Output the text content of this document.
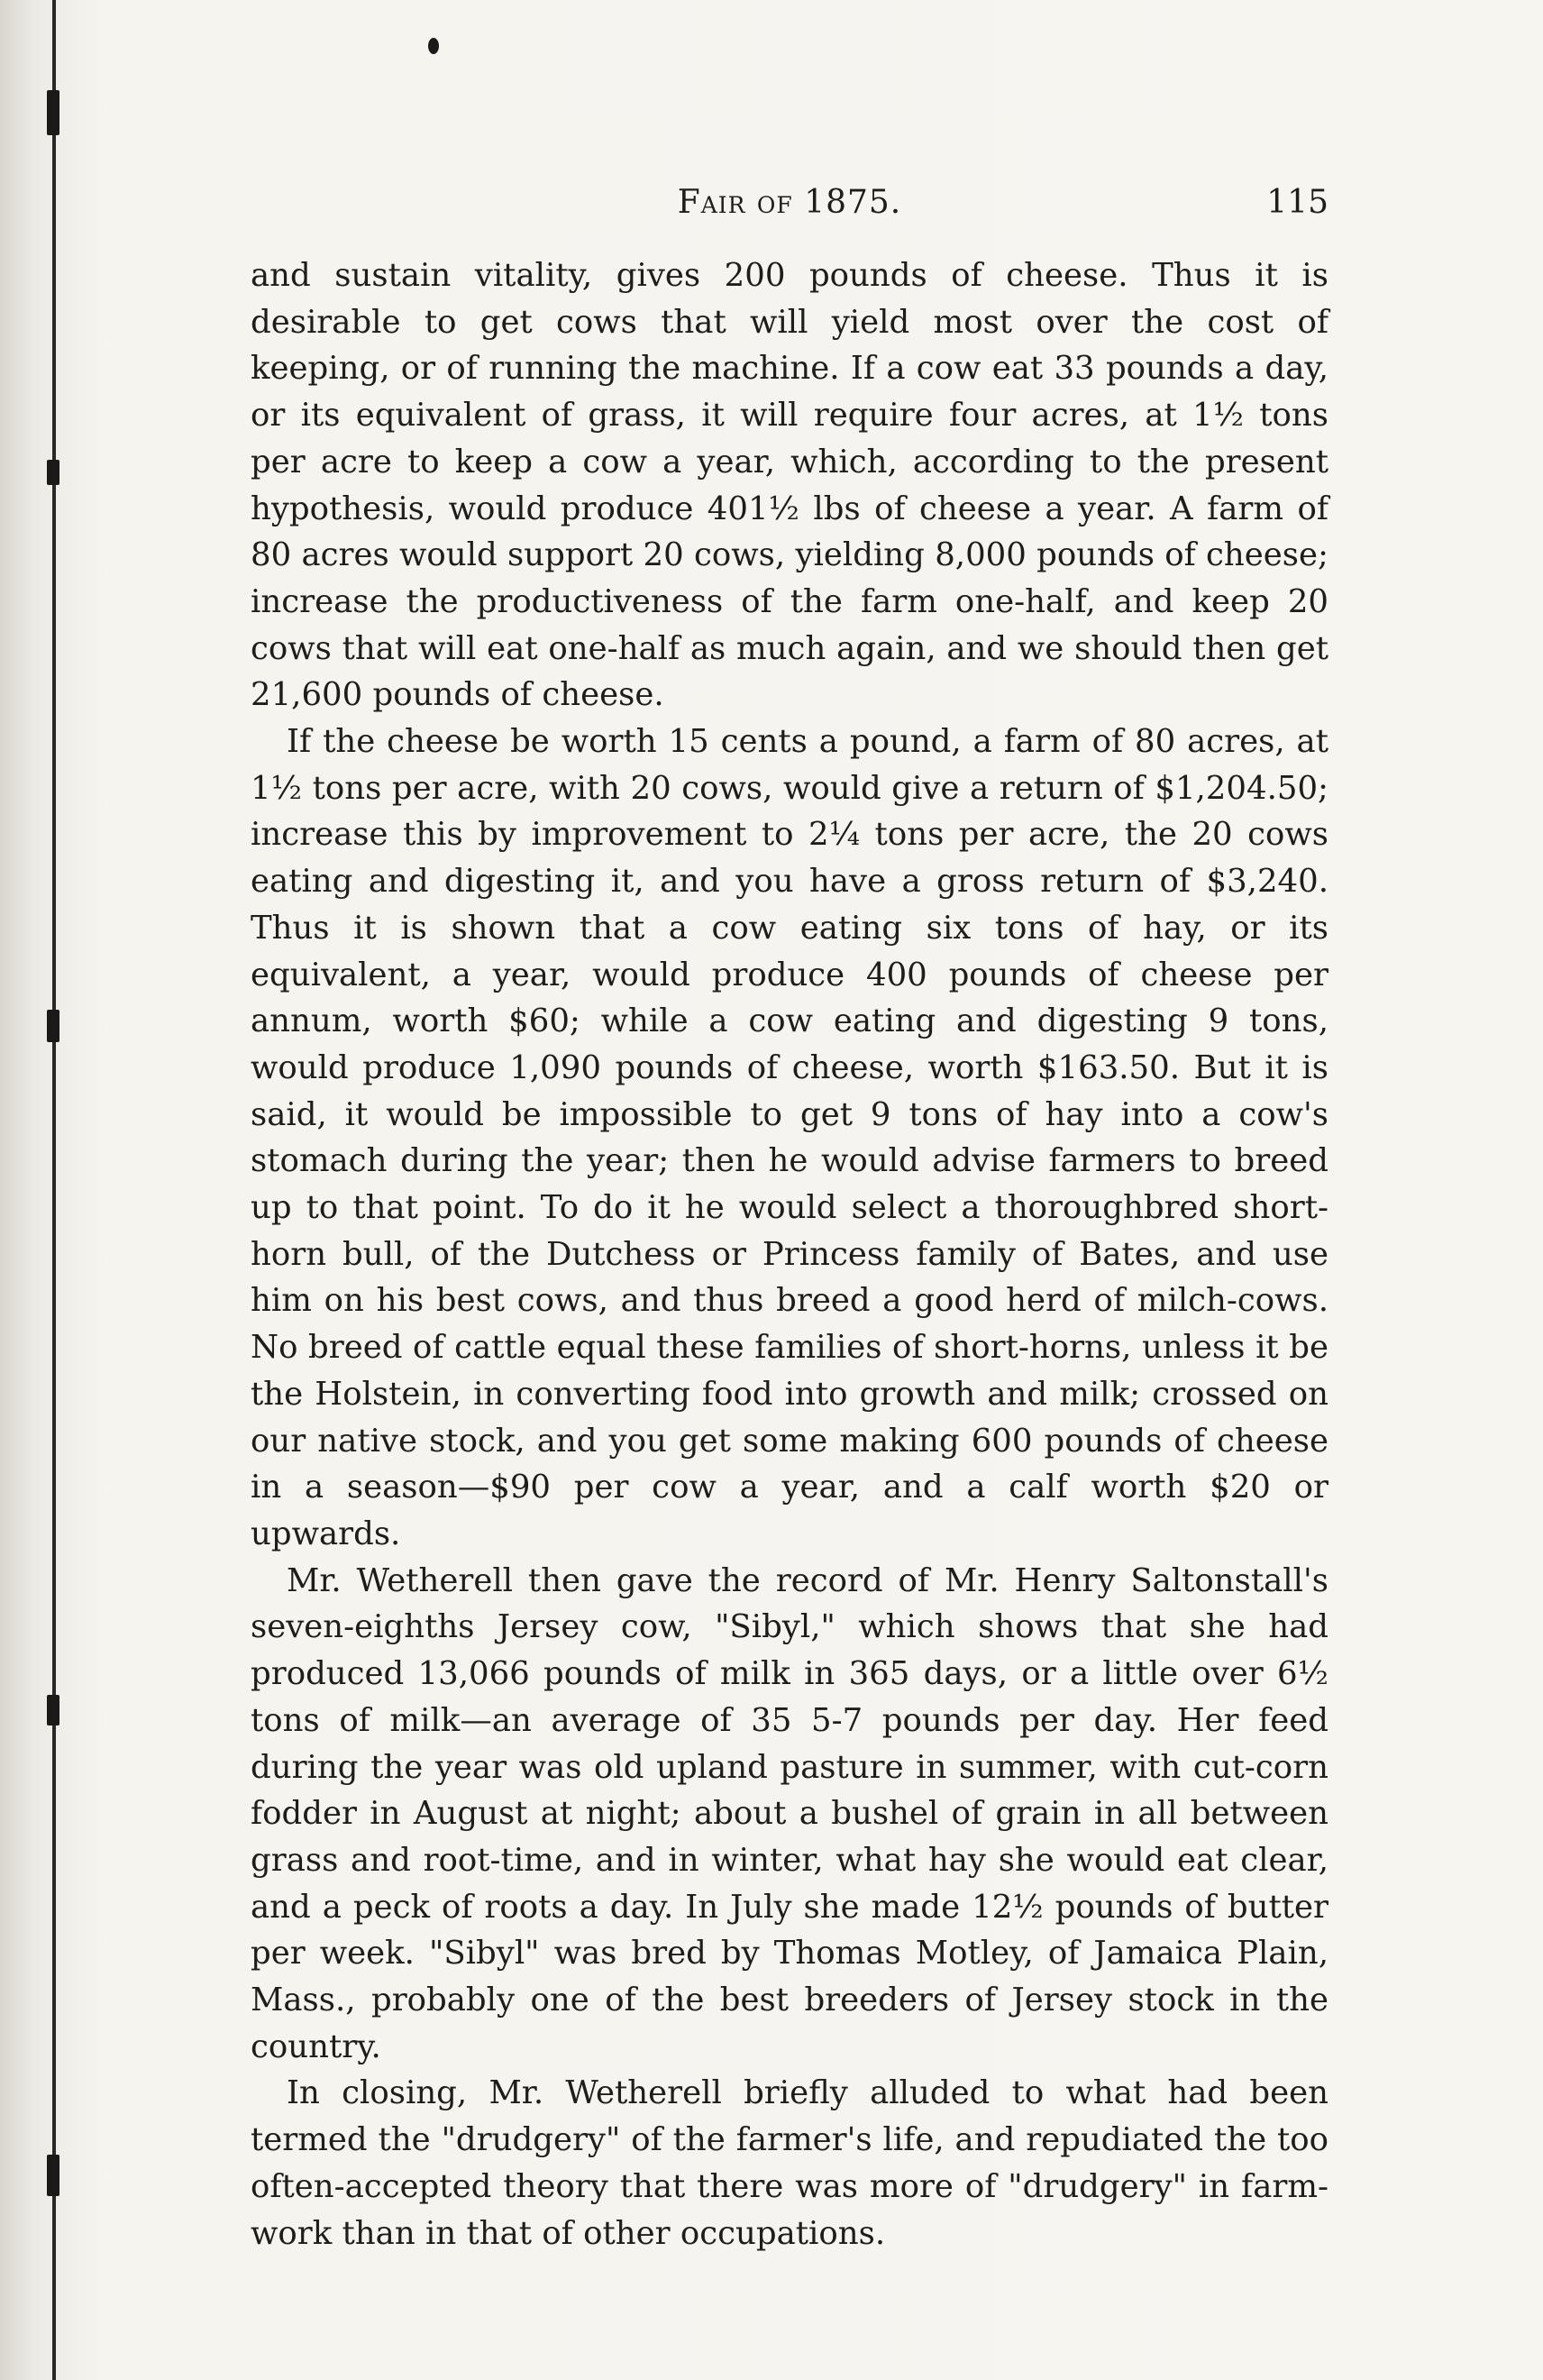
Fair of 1875.	115

and sustain vitality, gives 200 pounds of cheese. Thus it is desirable to get cows that will yield most over the cost of keeping, or of running the machine. If a cow eat 33 pounds a day, or its equivalent of grass, it will require four acres, at 1½ tons per acre to keep a cow a year, which, according to the present hypothesis, would produce 401½ lbs of cheese a year. A farm of 80 acres would support 20 cows, yielding 8,000 pounds of cheese; increase the productiveness of the farm one-half, and keep 20 cows that will eat one-half as much again, and we should then get 21,600 pounds of cheese.

If the cheese be worth 15 cents a pound, a farm of 80 acres, at 1½ tons per acre, with 20 cows, would give a return of $1,204.50; increase this by improvement to 2¼ tons per acre, the 20 cows eating and digesting it, and you have a gross return of $3,240. Thus it is shown that a cow eating six tons of hay, or its equivalent, a year, would produce 400 pounds of cheese per annum, worth $60; while a cow eating and digesting 9 tons, would produce 1,090 pounds of cheese, worth $163.50. But it is said, it would be impossible to get 9 tons of hay into a cow's stomach during the year; then he would advise farmers to breed up to that point. To do it he would select a thoroughbred short-horn bull, of the Dutchess or Princess family of Bates, and use him on his best cows, and thus breed a good herd of milch-cows. No breed of cattle equal these families of short-horns, unless it be the Holstein, in converting food into growth and milk; crossed on our native stock, and you get some making 600 pounds of cheese in a season—$90 per cow a year, and a calf worth $20 or upwards.

Mr. Wetherell then gave the record of Mr. Henry Saltonstall's seven-eighths Jersey cow, "Sibyl," which shows that she had produced 13,066 pounds of milk in 365 days, or a little over 6½ tons of milk—an average of 35 5-7 pounds per day. Her feed during the year was old upland pasture in summer, with cut-corn fodder in August at night; about a bushel of grain in all between grass and root-time, and in winter, what hay she would eat clear, and a peck of roots a day. In July she made 12½ pounds of butter per week. "Sibyl" was bred by Thomas Motley, of Jamaica Plain, Mass., probably one of the best breeders of Jersey stock in the country.

In closing, Mr. Wetherell briefly alluded to what had been termed the "drudgery" of the farmer's life, and repudiated the too often-accepted theory that there was more of "drudgery" in farm-work than in that of other occupations.
